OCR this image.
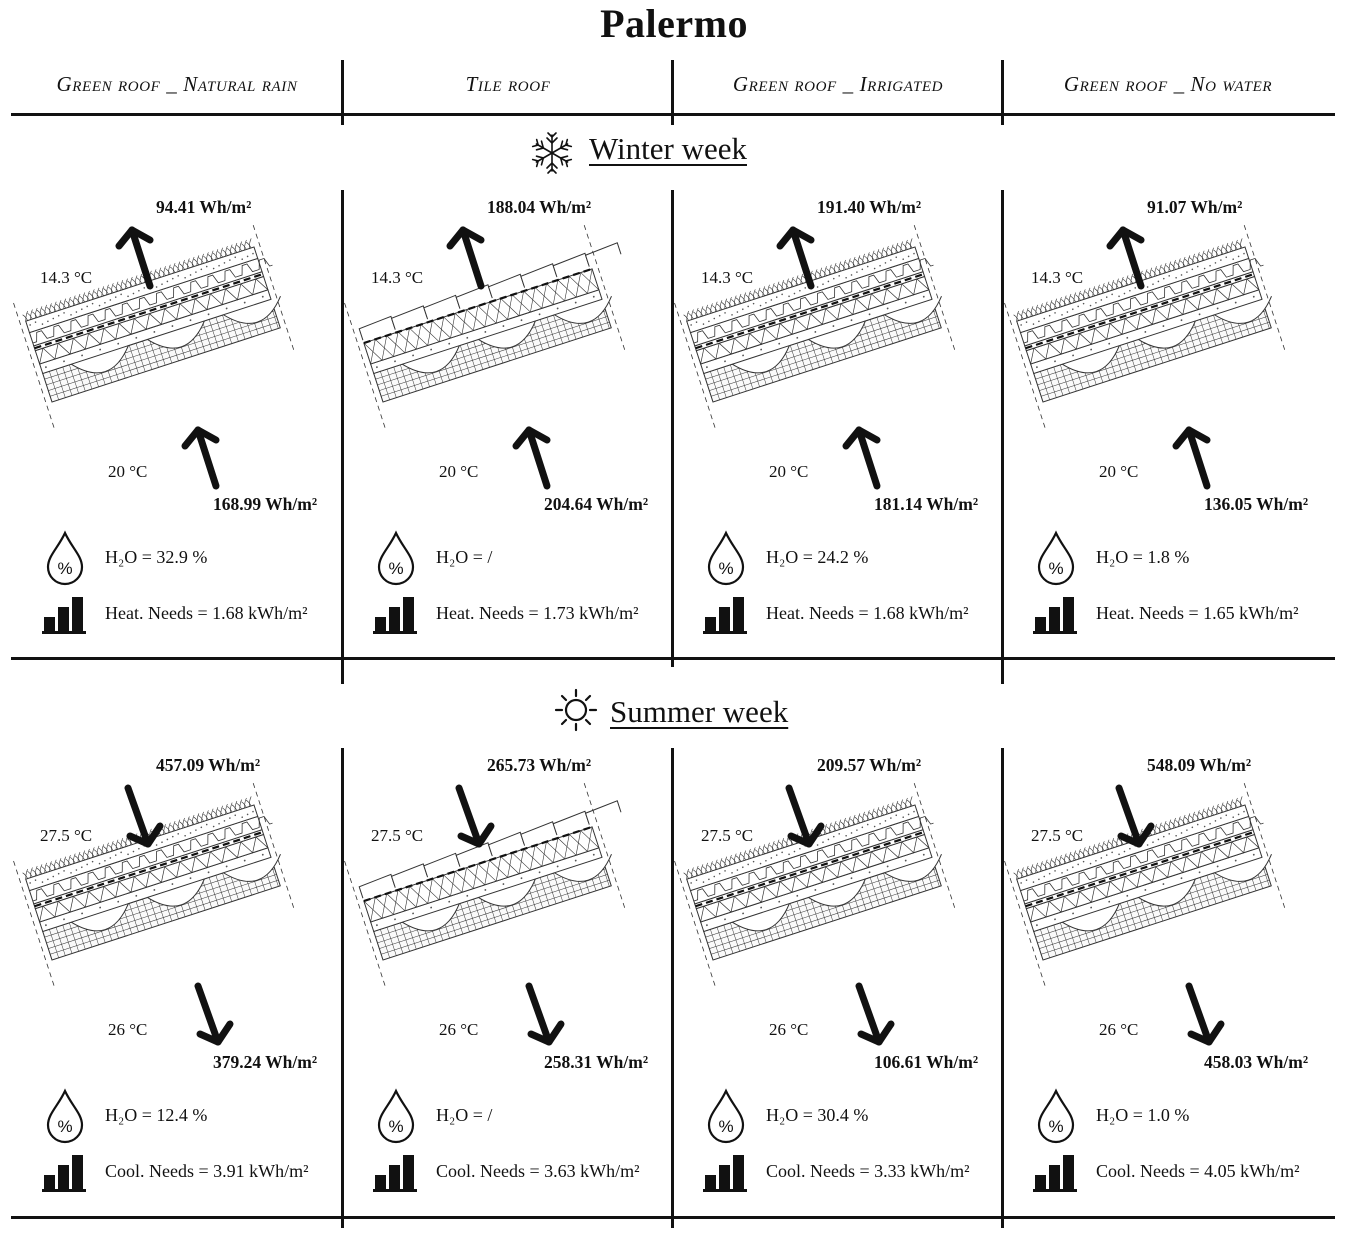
Palermo
Green roof _ Natural rain	Tile roof	Green roof _ Irrigated	Green roof _ No water
Winter week
Summer week
94.41 Wh/m²
14.3 °C
20 °C
168.99 Wh/m²
%
H₂O = 32.9 %
Heat. Needs = 1.68 kWh/m²
188.04 Wh/m²
14.3 °C
20 °C
204.64 Wh/m²
%
H₂O = /
Heat. Needs = 1.73 kWh/m²
191.40 Wh/m²
14.3 °C
20 °C
181.14 Wh/m²
%
H₂O = 24.2 %
Heat. Needs = 1.68 kWh/m²
91.07 Wh/m²
14.3 °C
20 °C
136.05 Wh/m²
%
H₂O = 1.8 %
Heat. Needs = 1.65 kWh/m²
457.09 Wh/m²
27.5 °C
26 °C
379.24 Wh/m²
%
H₂O = 12.4 %
Cool. Needs = 3.91 kWh/m²
265.73 Wh/m²
27.5 °C
26 °C
258.31 Wh/m²
%
H₂O = /
Cool. Needs = 3.63 kWh/m²
209.57 Wh/m²
27.5 °C
26 °C
106.61 Wh/m²
%
H₂O = 30.4 %
Cool. Needs = 3.33 kWh/m²
548.09 Wh/m²
27.5 °C
26 °C
458.03 Wh/m²
%
H₂O = 1.0 %
Cool. Needs = 4.05 kWh/m²
